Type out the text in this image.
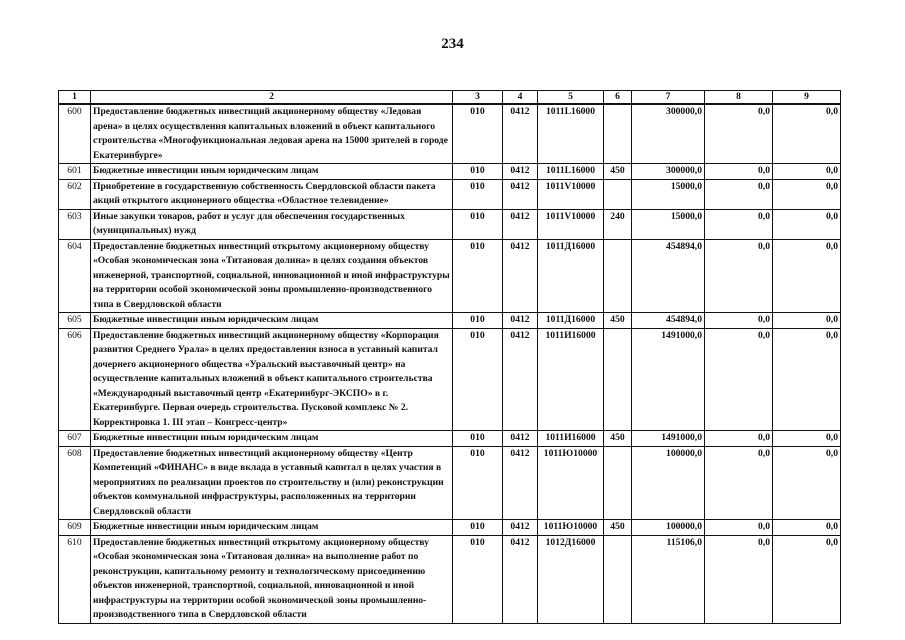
234
1	2	3	4	5	6	7	8	9
600	Предоставление бюджетных инвестиций акционерному обществу «Ледовая арена» в целях осуществления капитальных вложений в объект капитального строительства «Многофункциональная ледовая арена на 15000 зрителей в городе Екатеринбурге»	010	0412	1011L16000		300000,0	0,0	0,0
601	Бюджетные инвестиции иным юридическим лицам	010	0412	1011L16000	450	300000,0	0,0	0,0
602	Приобретение в государственную собственность Свердловской области пакета акций открытого акционерного общества «Областное телевидение»	010	0412	1011V10000		15000,0	0,0	0,0
603	Иные закупки товаров, работ и услуг для обеспечения государственных (муниципальных) нужд	010	0412	1011V10000	240	15000,0	0,0	0,0
604	Предоставление бюджетных инвестиций открытому акционерному обществу «Особая экономическая зона «Титановая долина» в целях создания объектов инженерной, транспортной, социальной, инновационной и иной инфраструктуры на территории особой экономической зоны промышленно-производственного типа в Свердловской области	010	0412	1011Д16000		454894,0	0,0	0,0
605	Бюджетные инвестиции иным юридическим лицам	010	0412	1011Д16000	450	454894,0	0,0	0,0
606	Предоставление бюджетных инвестиций акционерному обществу «Корпорация развития Среднего Урала» в целях предоставления взноса в уставный капитал дочернего акционерного общества «Уральский выставочный центр» на осуществление капитальных вложений в объект капитального строительства «Международный выставочный центр «Екатеринбург-ЭКСПО» в г. Екатеринбурге. Первая очередь строительства. Пусковой комплекс № 2. Корректировка 1. III этап – Конгресс-центр»	010	0412	1011И16000		1491000,0	0,0	0,0
607	Бюджетные инвестиции иным юридическим лицам	010	0412	1011И16000	450	1491000,0	0,0	0,0
608	Предоставление бюджетных инвестиций акционерному обществу «Центр Компетенций «ФИНАНС» в виде вклада в уставный капитал в целях участия в мероприятиях по реализации проектов по строительству и (или) реконструкции объектов коммунальной инфраструктуры, расположенных на территории Свердловской области	010	0412	1011Ю10000		100000,0	0,0	0,0
609	Бюджетные инвестиции иным юридическим лицам	010	0412	1011Ю10000	450	100000,0	0,0	0,0
610	Предоставление бюджетных инвестиций открытому акционерному обществу «Особая экономическая зона «Титановая долина» на выполнение работ по реконструкции, капитальному ремонту и технологическому присоединению объектов инженерной, транспортной, социальной, инновационной и иной инфраструктуры на территории особой экономической зоны промышленно-производственного типа в Свердловской области	010	0412	1012Д16000		115106,0	0,0	0,0
